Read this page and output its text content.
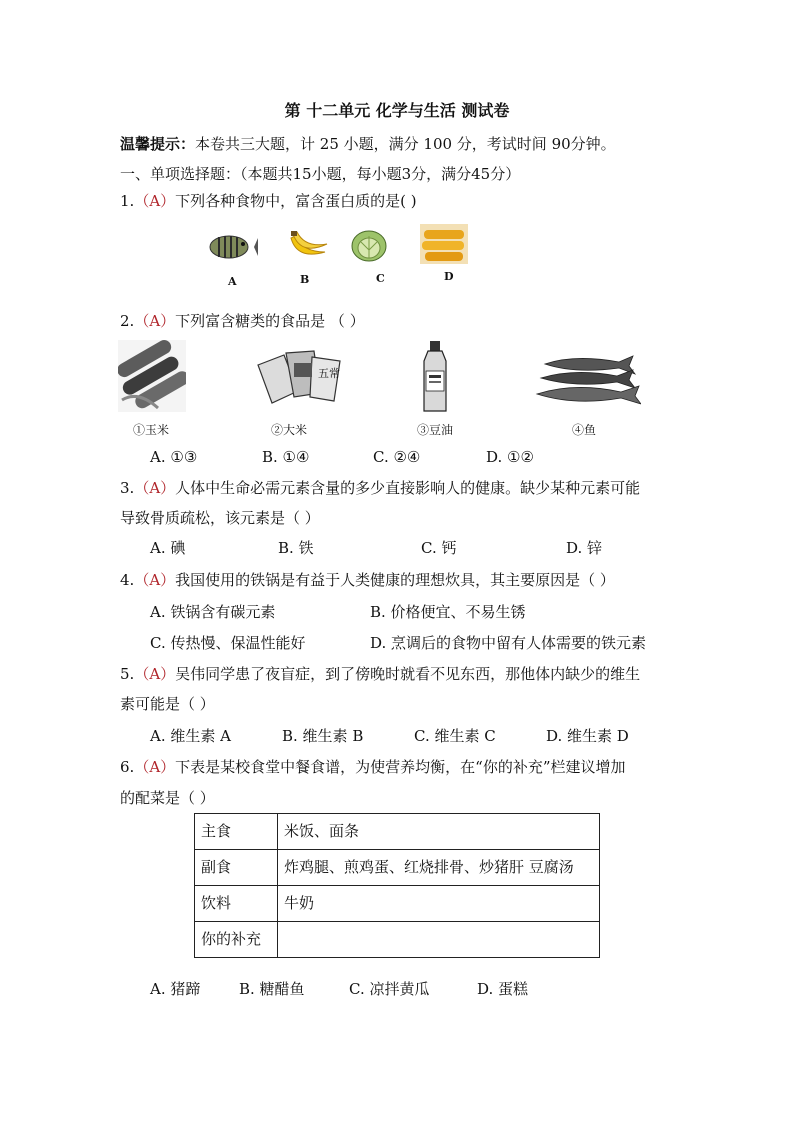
第 十二单元 化学与生活 测试卷
温馨提示：本卷共三大题，计 25 小题，满分 100 分，考试时间 90分钟。
一、单项选择题：（本题共15小题，每小题3分，满分45分）
1.（A）下列各种食物中，富含蛋白质的是( )
A	B	C	D
2.（A）下列富含糖类的食品是 （ ）
五常
①玉米	②大米	③豆油	④鱼
A. ①③	B. ①④	C. ②④	D. ①②
3.（A）人体中生命必需元素含量的多少直接影响人的健康。缺少某种元素可能
导致骨质疏松，该元素是（ ）
A. 碘	B. 铁	C. 钙	D. 锌
4.（A）我国使用的铁锅是有益于人类健康的理想炊具，其主要原因是（ ）
A. 铁锅含有碳元素	B. 价格便宜、不易生锈
C. 传热慢、保温性能好	D. 烹调后的食物中留有人体需要的铁元素
5.（A）吴伟同学患了夜盲症，到了傍晚时就看不见东西，那他体内缺少的维生
素可能是（ ）
A. 维生素 A	B. 维生素 B	C. 维生素 C	D. 维生素 D
6.（A）下表是某校食堂中餐食谱，为使营养均衡，在“你的补充”栏建议增加
的配菜是（ ）
主食	米饭、面条
副食	炸鸡腿、煎鸡蛋、红烧排骨、炒猪肝 豆腐汤
饮料	牛奶
你的补充	
A. 猪蹄	B. 糖醋鱼	C. 凉拌黄瓜	D. 蛋糕
